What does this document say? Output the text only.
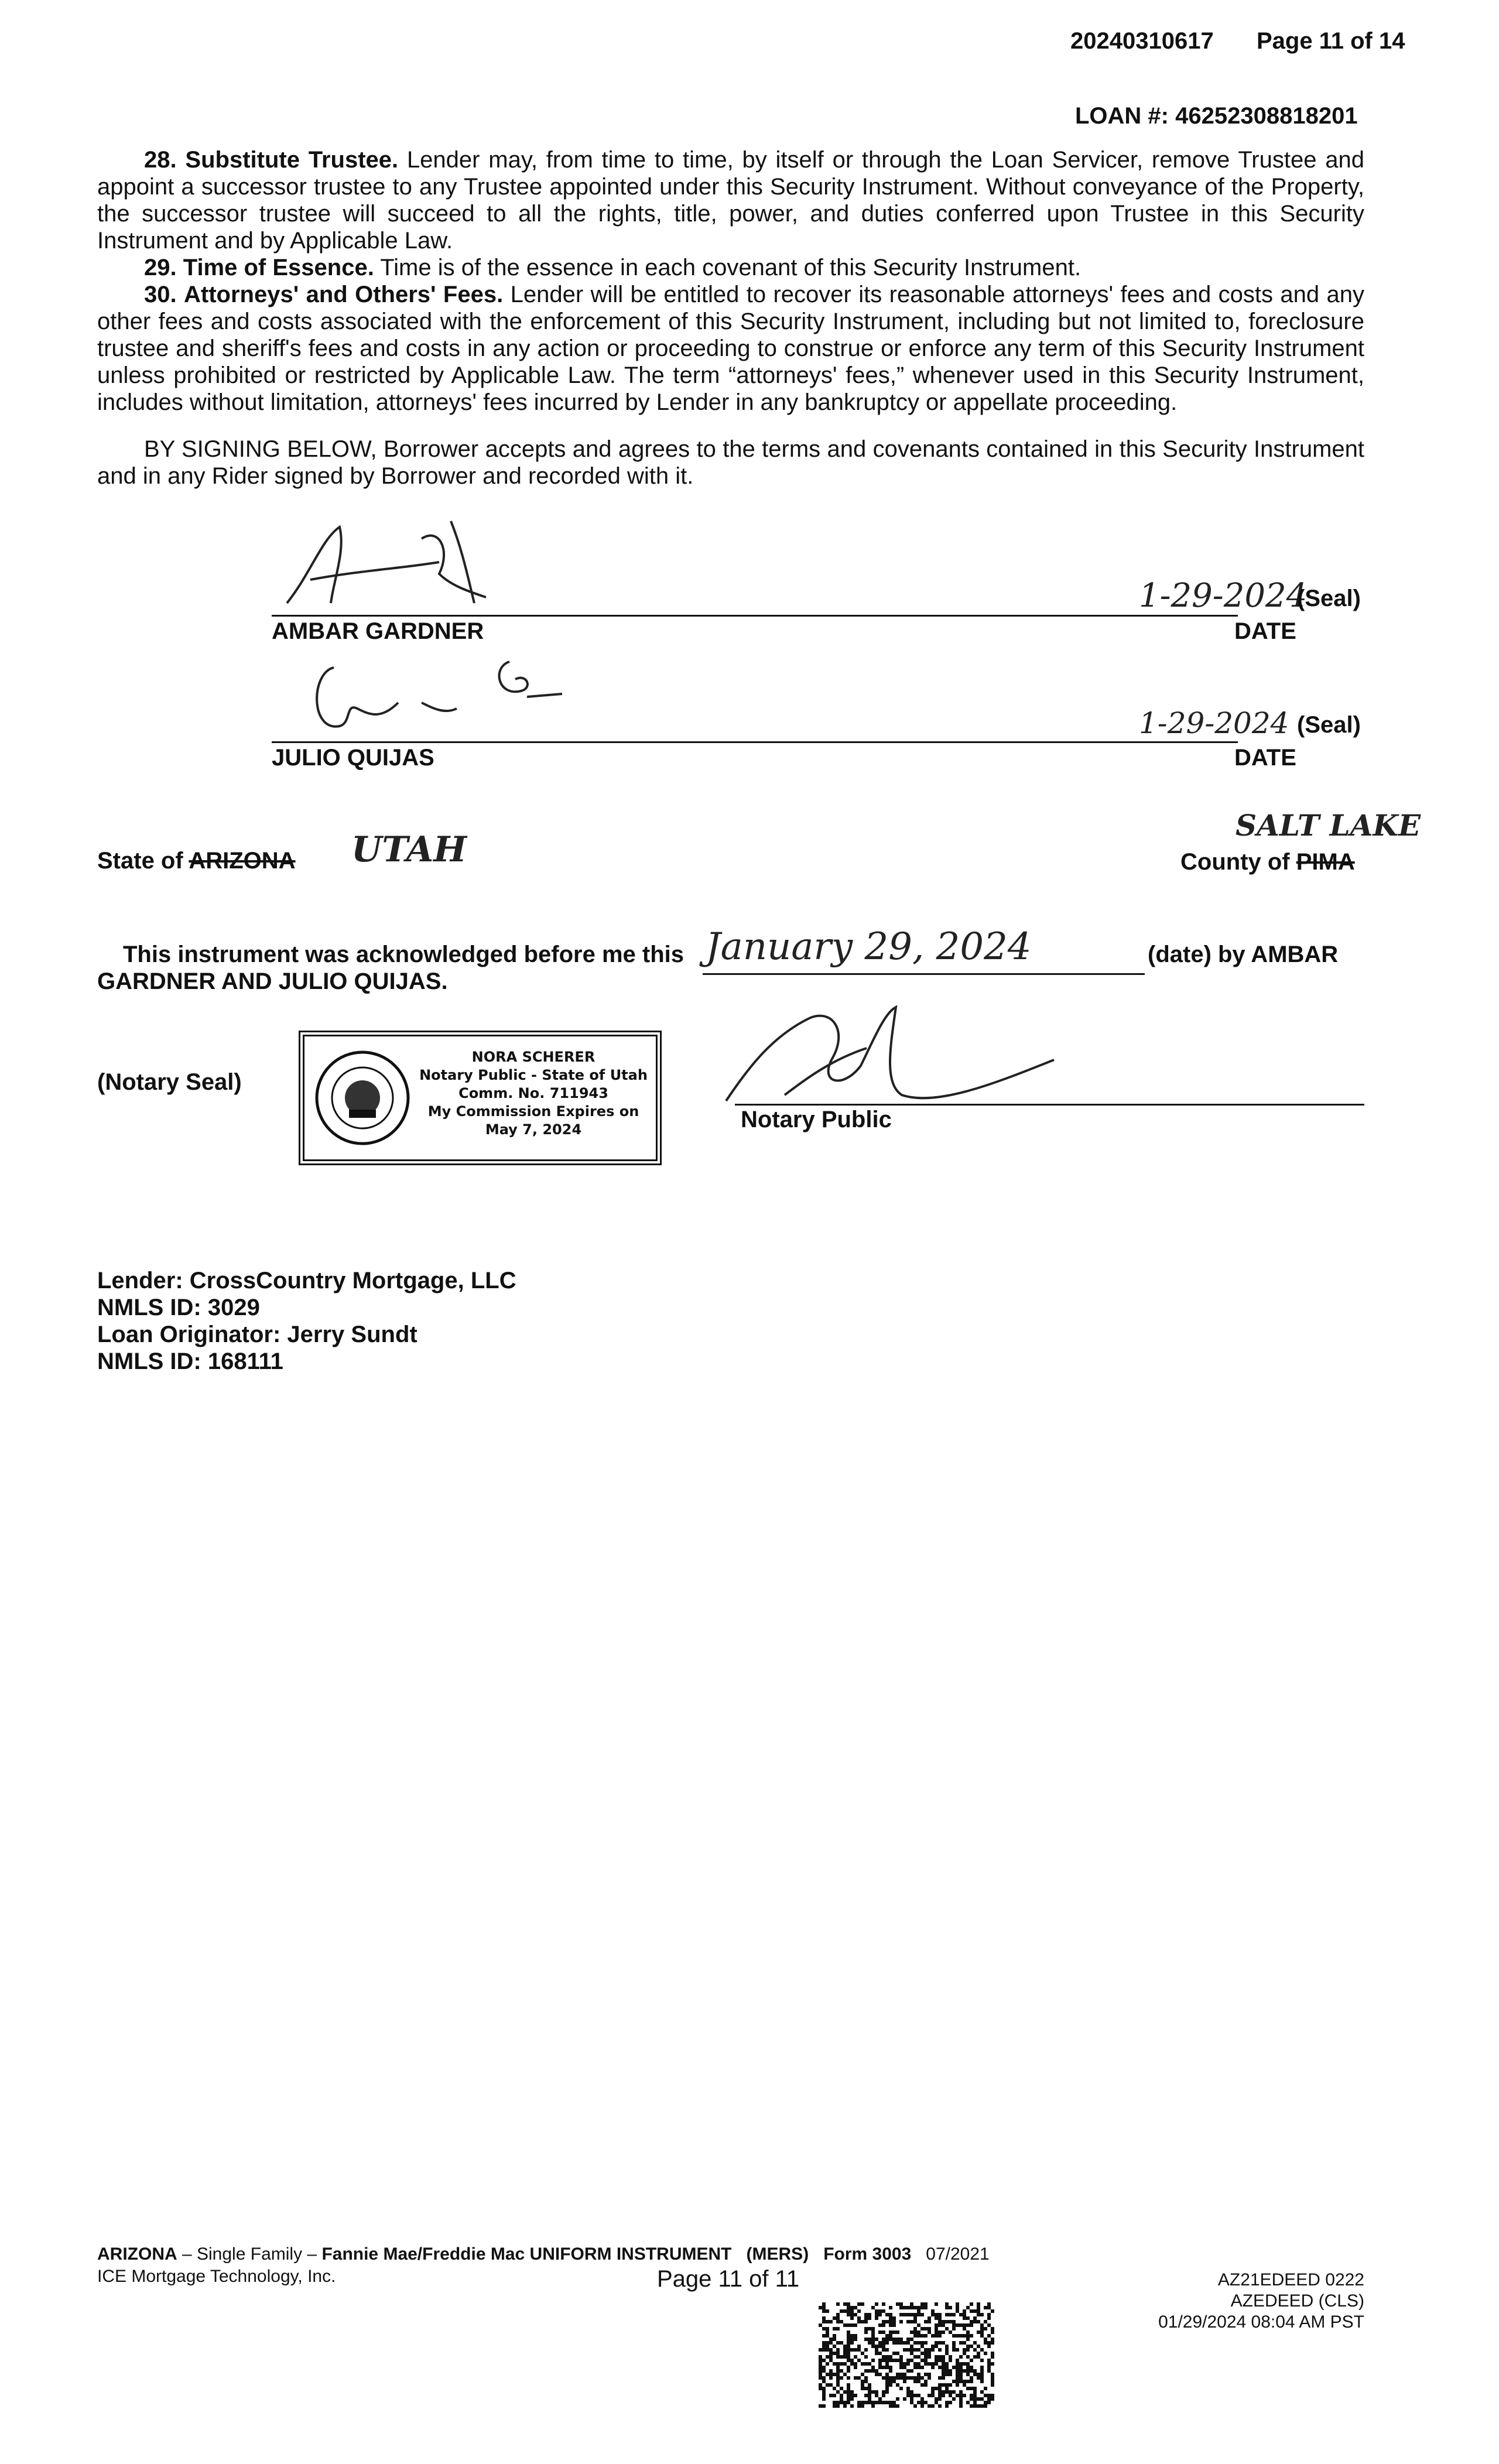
20240310617 Page 11 of 14
LOAN #: 46252308818201

28. Substitute Trustee. Lender may, from time to time, by itself or through the Loan Servicer, remove Trustee and appoint a successor trustee to any Trustee appointed under this Security Instrument. Without conveyance of the Property, the successor trustee will succeed to all the rights, title, power, and duties conferred upon Trustee in this Security Instrument and by Applicable Law.

29. Time of Essence. Time is of the essence in each covenant of this Security Instrument.

30. Attorneys' and Others' Fees. Lender will be entitled to recover its reasonable attorneys' fees and costs and any other fees and costs associated with the enforcement of this Security Instrument, including but not limited to, foreclosure trustee and sheriff's fees and costs in any action or proceeding to construe or enforce any term of this Security Instrument unless prohibited or restricted by Applicable Law. The term “attorneys' fees,” whenever used in this Security Instrument, includes without limitation, attorneys' fees incurred by Lender in any bankruptcy or appellate proceeding.

BY SIGNING BELOW, Borrower accepts and agrees to the terms and covenants contained in this Security Instrument and in any Rider signed by Borrower and recorded with it.

1-29-2024
(Seal)
AMBAR GARDNER	DATE
1-29-2024 (Seal)
JULIO QUIJAS	DATE
State of ARIZONA UTAH
SALT LAKE
County of PIMA
This instrument was acknowledged before me this January 29, 2024	(date) by AMBAR
GARDNER AND JULIO QUIJAS.
(Notary Seal)
NORA SCHERER
Notary Public - State of Utah
Comm. No. 711943
My Commission Expires on
May 7, 2024	Notary Public
Lender: CrossCountry Mortgage, LLC
NMLS ID: 3029
Loan Originator: Jerry Sundt
NMLS ID: 168111
ARIZONA – Single Family – Fannie Mae/Freddie Mac UNIFORM INSTRUMENT (MERS) Form 3003 07/2021
ICE Mortgage Technology, Inc.	Page 11 of 11	AZ21EDEED 0222
AZEDEED (CLS)
01/29/2024 08:04 AM PST
